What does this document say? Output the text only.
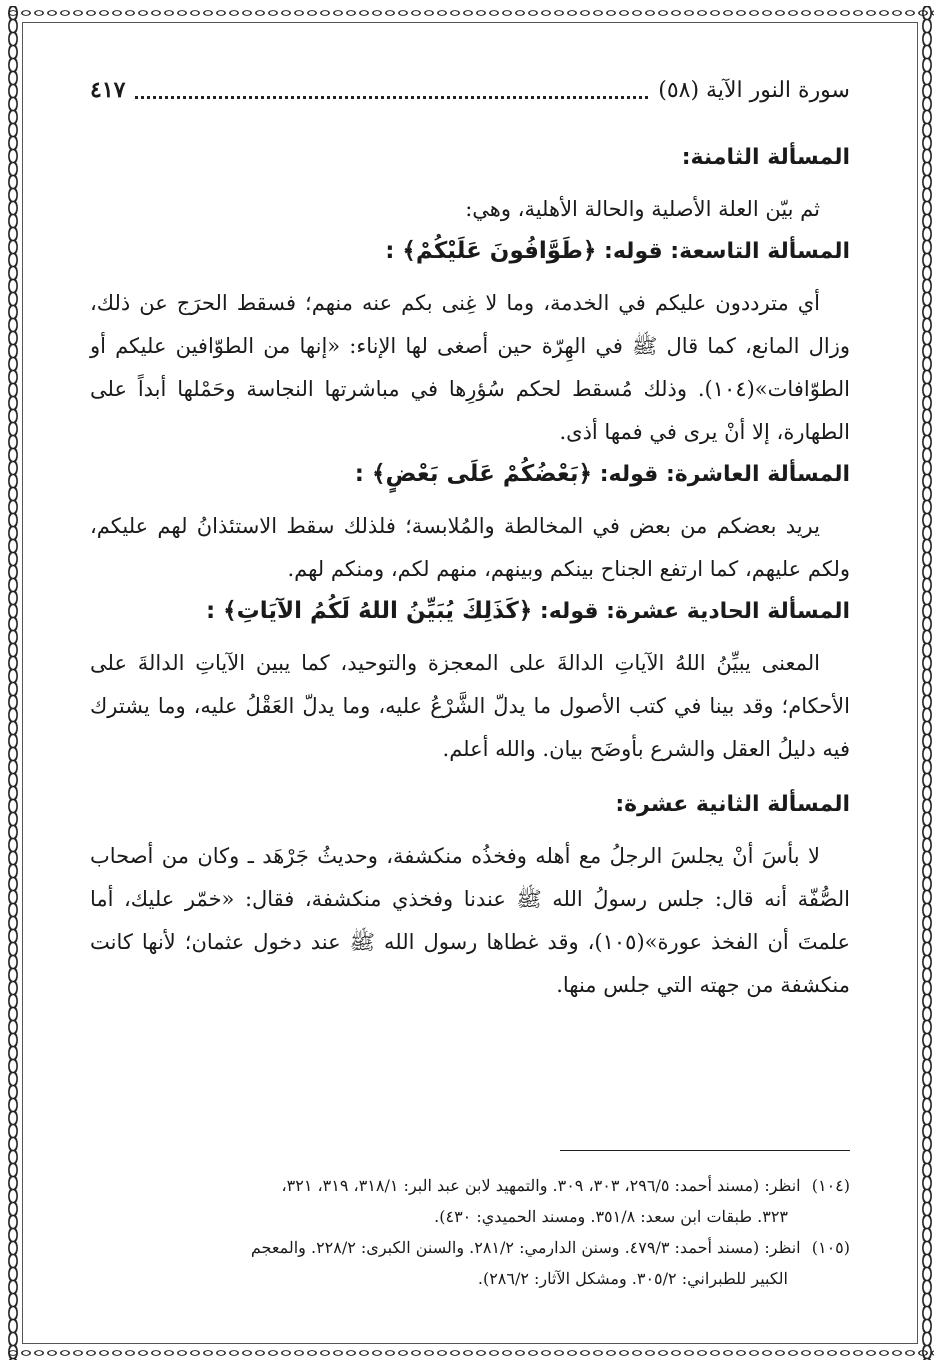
سورة النور الآية (٥٨)
٤١٧

المسألة الثامنة:

ثم بيّن العلة الأصلية والحالة الأهلية، وهي:

المسألة التاسعة: قوله: ﴿طَوَّافُونَ عَلَيْكُمْ﴾ :

أي مترددون عليكم في الخدمة، وما لا غِنى بكم عنه منهم؛ فسقط الحرَج عن ذلك، وزال المانع، كما قال ﷺ في الهِرّة حين أصغى لها الإناء: «إنها من الطوّافين عليكم أو الطوّافات»(١٠٤). وذلك مُسقط لحكم سُؤرِها في مباشرتها النجاسة وحَمْلها أبداً على الطهارة، إلا أنْ يرى في فمها أذى.

المسألة العاشرة: قوله: ﴿بَعْضُكُمْ عَلَى بَعْضٍ﴾ :

يريد بعضكم من بعض في المخالطة والمُلابسة؛ فلذلك سقط الاستئذانُ لهم عليكم، ولكم عليهم، كما ارتفع الجناح بينكم وبينهم، منهم لكم، ومنكم لهم.

المسألة الحادية عشرة: قوله: ﴿كَذَلِكَ يُبَيِّنُ اللهُ لَكُمُ الآيَاتِ﴾ :

المعنى يبيِّنُ اللهُ الآياتِ الدالةَ على المعجزة والتوحيد، كما يبين الآياتِ الدالةَ على الأحكام؛ وقد بينا في كتب الأصول ما يدلّ الشَّرْعُ عليه، وما يدلّ العَقْلُ عليه، وما يشترك فيه دليلُ العقل والشرع بأوضَح بيان. والله أعلم.

المسألة الثانية عشرة:

لا بأسَ أنْ يجلسَ الرجلُ مع أهله وفخذُه منكشفة، وحديثُ جَرْهَد ـ وكان من أصحاب الصُّفّة أنه قال: جلس رسولُ الله ﷺ عندنا وفخذي منكشفة، فقال: «خمّر عليك، أما علمتَ أن الفخذ عورة»(١٠٥)، وقد غطاها رسول الله ﷺ عند دخول عثمان؛ لأنها كانت منكشفة من جهته التي جلس منها.

(١٠٤) انظر: (مسند أحمد: ٢٩٦/٥، ٣٠٣، ٣٠٩. والتمهيد لابن عبد البر: ٣١٨/١، ٣١٩، ٣٢١،
٣٢٣. طبقات ابن سعد: ٣٥١/٨. ومسند الحميدي: ٤٣٠).

(١٠٥) انظر: (مسند أحمد: ٤٧٩/٣. وسنن الدارمي: ٢٨١/٢. والسنن الكبرى: ٢٢٨/٢. والمعجم
الكبير للطبراني: ٣٠٥/٢. ومشكل الآثار: ٢٨٦/٢).
